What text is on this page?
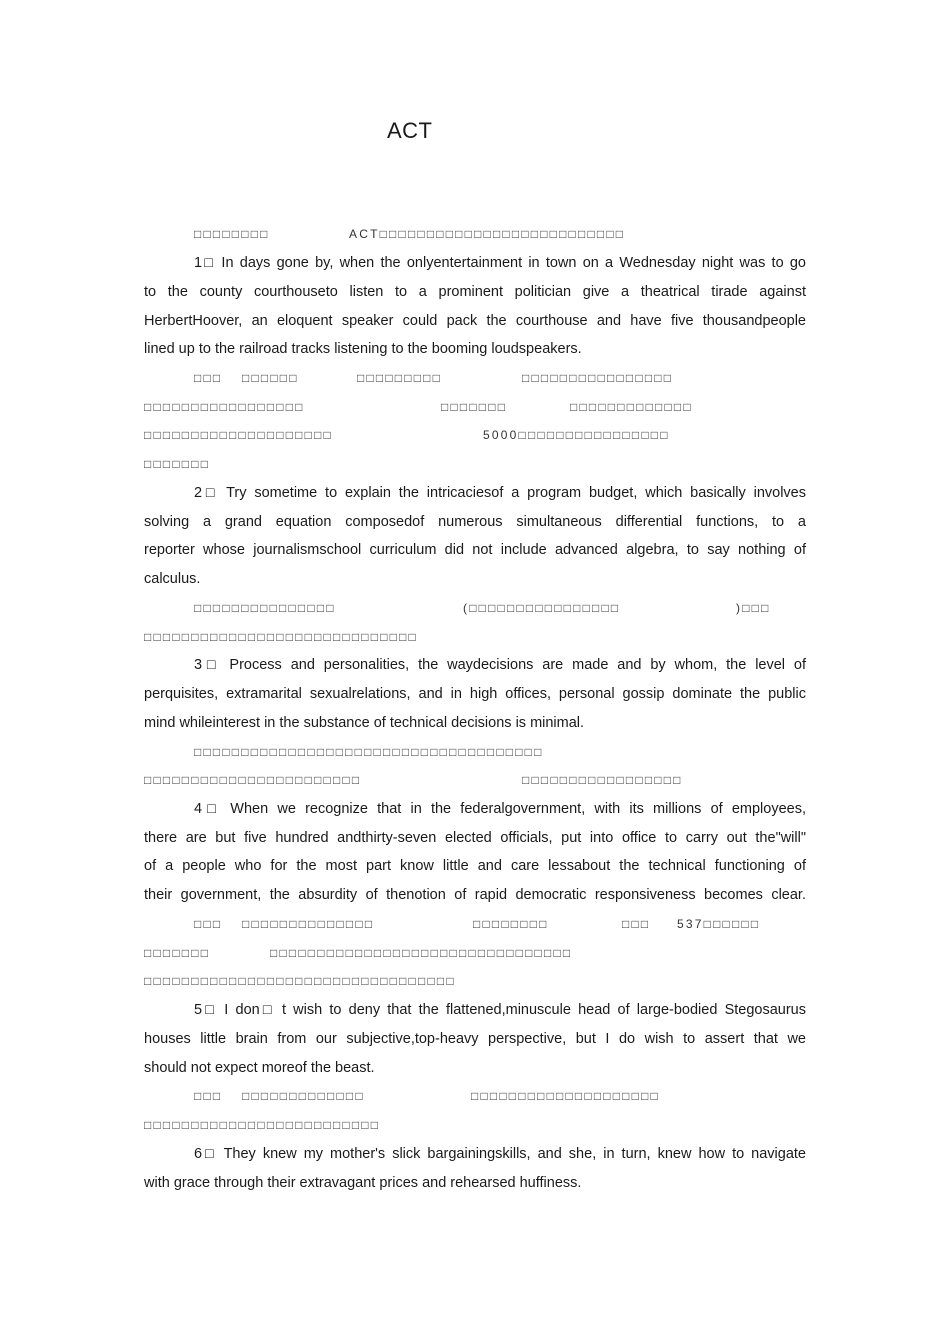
ACT
□□□□□□□□	ACT□□□□□□□□□□□□□□□□□□□□□□□□□□
1□ In days gone by, when the onlyentertainment in town on a Wednesday night was to go
to the county courthouseto listen to a prominent politician give a theatrical tirade against
HerbertHoover, an eloquent speaker could pack the courthouse and have five thousandpeople
lined up to the railroad tracks listening to the booming loudspeakers.
□□□ □□□□□□	□□□□□□□□□	□□□□□□□□□□□□□□□□
□□□□□□□□□□□□□□□□□	□□□□□□□	□□□□□□□□□□□□□
□□□□□□□□□□□□□□□□□□□□	5000□□□□□□□□□□□□□□□□
□□□□□□□
2□ Try sometime to explain the intricaciesof a program budget, which basically involves
solving a grand equation composedof numerous simultaneous differential functions, to a
reporter whose journalismschool curriculum did not include advanced algebra, to say nothing of
calculus.
□□□□□□□□□□□□□□□	(□□□□□□□□□□□□□□□□	)□□□
□□□□□□□□□□□□□□□□□□□□□□□□□□□□□
3□ Process and personalities, the waydecisions are made and by whom, the level of
perquisites, extramarital sexualrelations, and in high offices, personal gossip dominate the public
mind whileinterest in the substance of technical decisions is minimal.
□□□□□□□□□□□□□□□□□□□□□□□□□□□□□□□□□□□□□
□□□□□□□□□□□□□□□□□□□□□□□	□□□□□□□□□□□□□□□□□
4□ When we recognize that in the federalgovernment, with its millions of employees,
there are but five hundred andthirty-seven elected officials, put into office to carry out the"will"
of a people who for the most part know little and care lessabout the technical functioning of
their government, the absurdity of thenotion of rapid democratic responsiveness becomes clear.
□□□ □□□□□□□□□□□□□□	□□□□□□□□	□□□ 537□□□□□□
□□□□□□□	□□□□□□□□□□□□□□□□□□□□□□□□□□□□□□□□
□□□□□□□□□□□□□□□□□□□□□□□□□□□□□□□□□
5□ I don□ t wish to deny that the flattened,minuscule head of large-bodied Stegosaurus
houses little brain from our subjective,top-heavy perspective, but I do wish to assert that we
should not expect moreof the beast.
□□□ □□□□□□□□□□□□□	□□□□□□□□□□□□□□□□□□□□
□□□□□□□□□□□□□□□□□□□□□□□□□
6□ They knew my mother's slick bargainingskills, and she, in turn, knew how to navigate
with grace through their extravagant prices and rehearsed huffiness.
